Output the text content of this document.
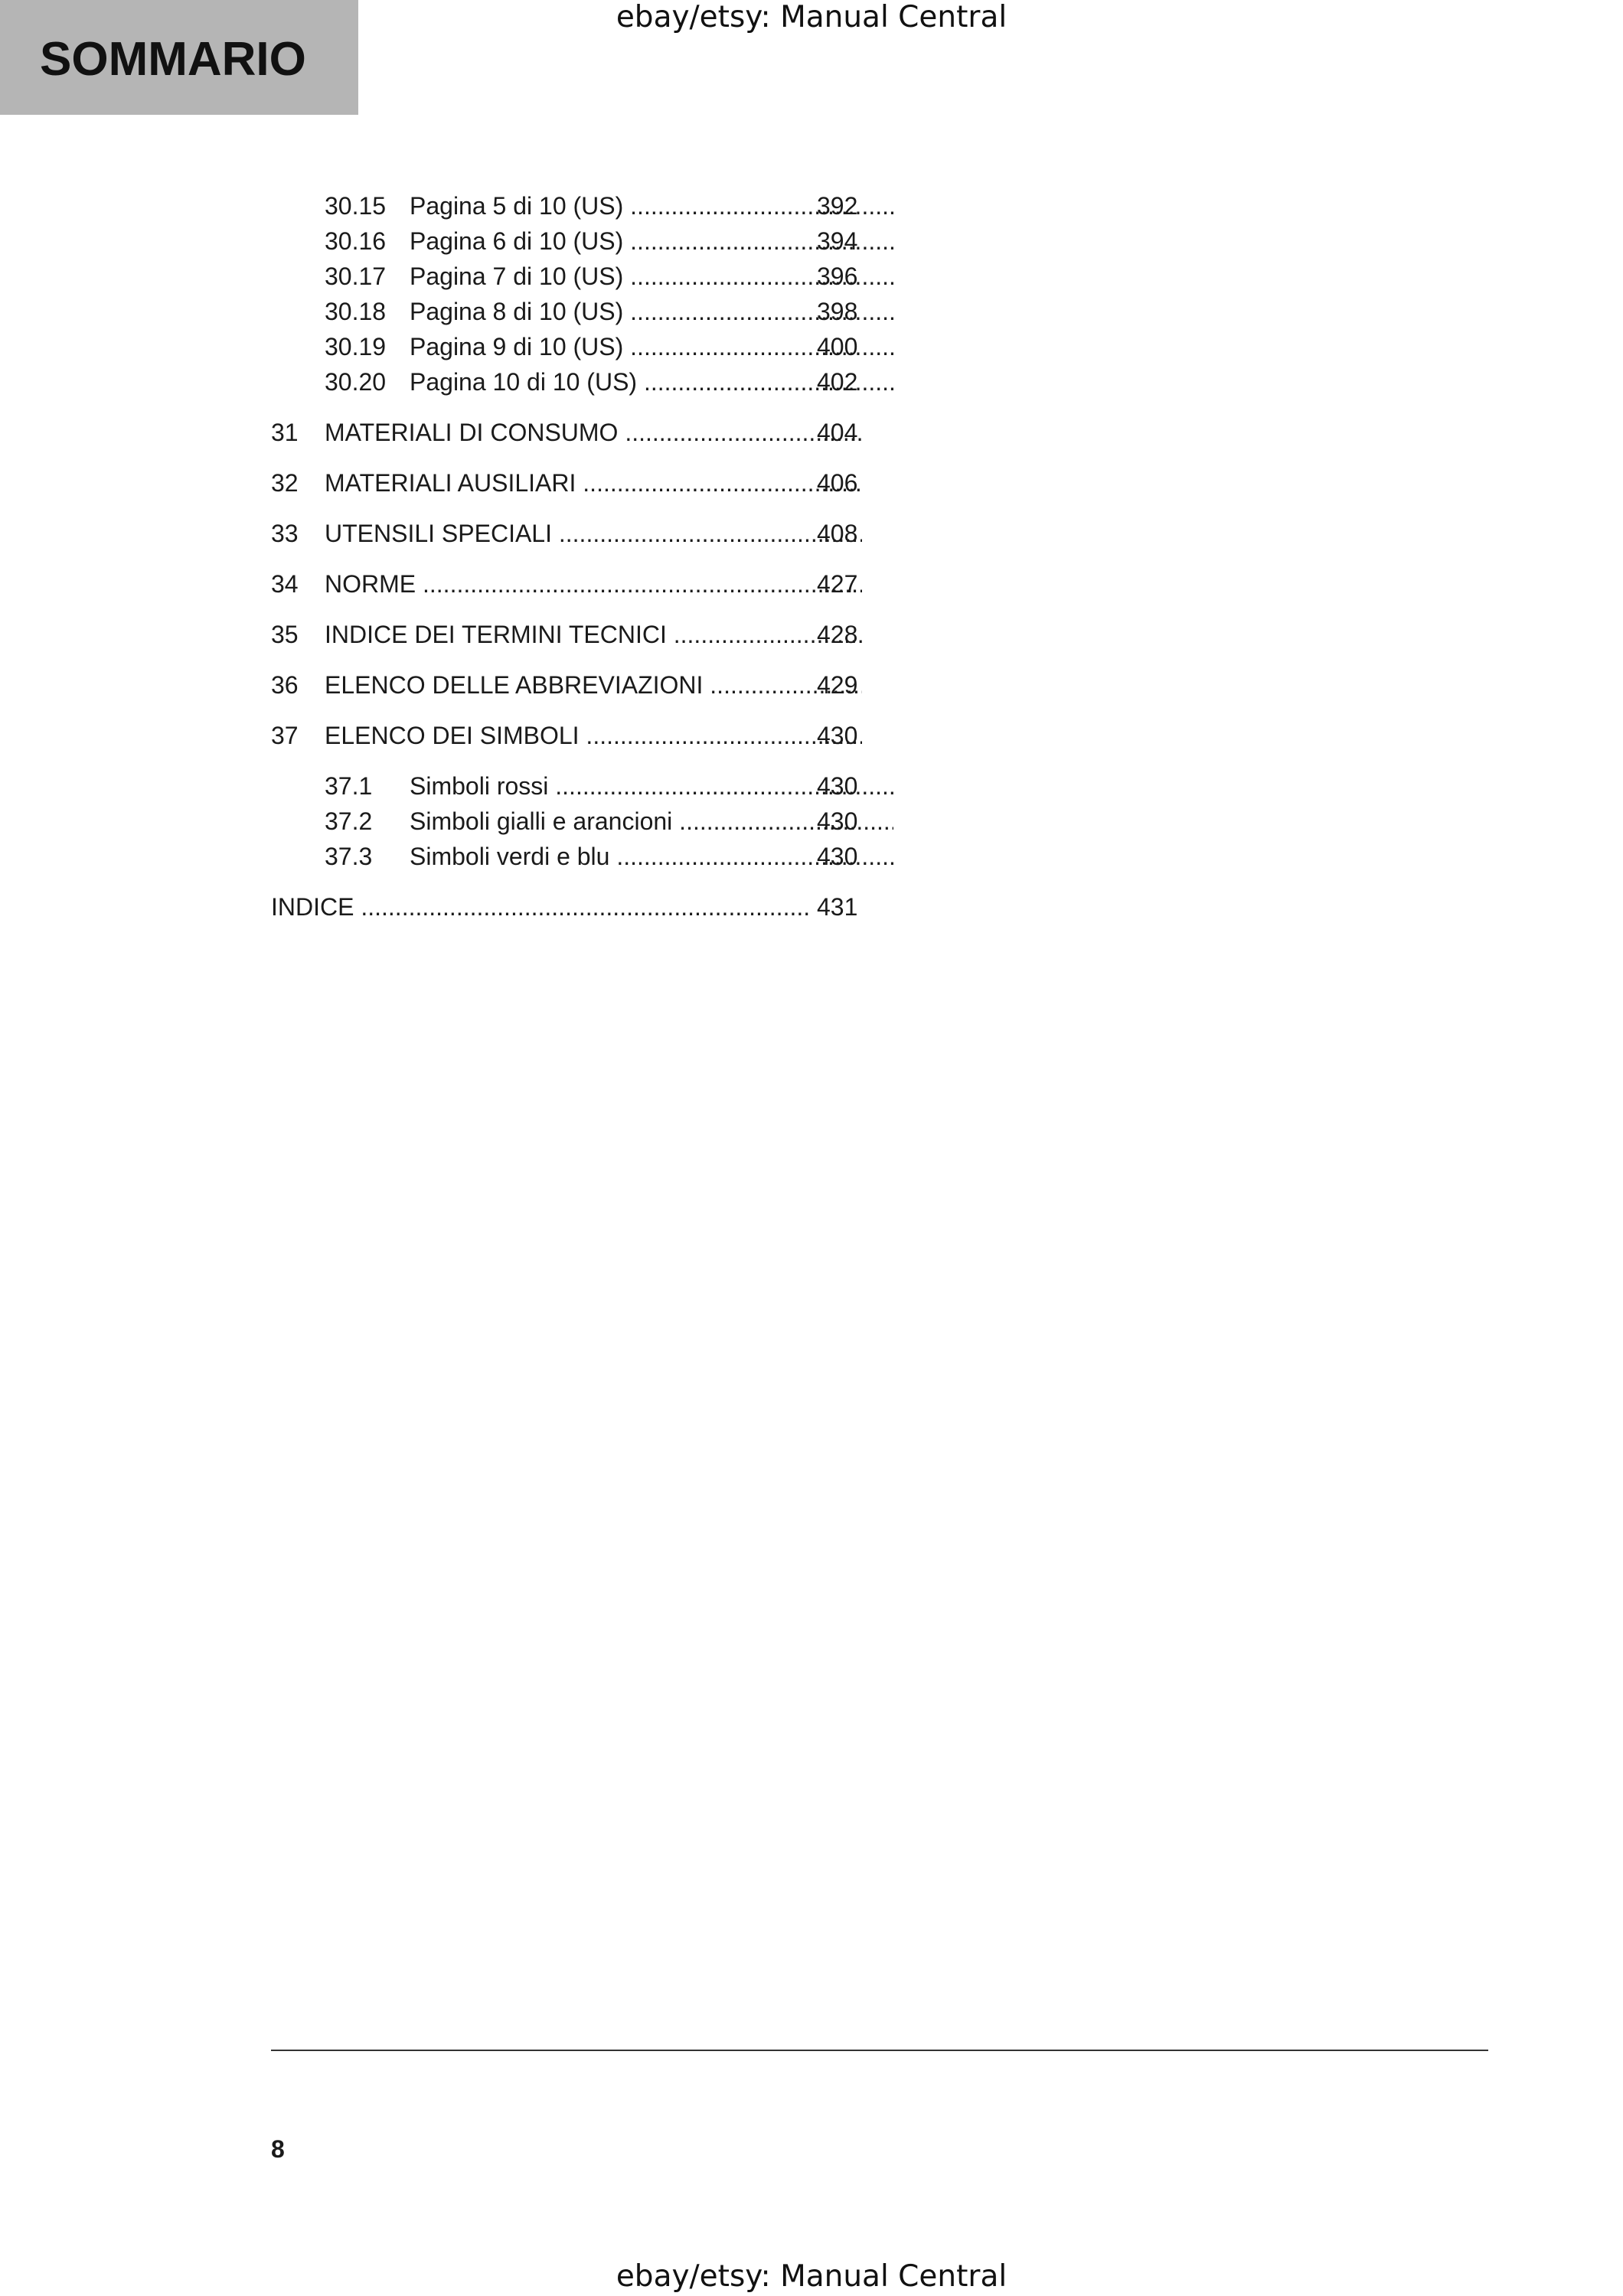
SOMMARIO
ebay/etsy: Manual Central
30.15 Pagina 5 di 10 (US) .....	392
30.16 Pagina 6 di 10 (US) .....	394
30.17 Pagina 7 di 10 (US) .....	396
30.18 Pagina 8 di 10 (US) .....	398
30.19 Pagina 9 di 10 (US) .....	400
30.20 Pagina 10 di 10 (US) .....	402
31 MATERIALI DI CONSUMO .....	404
32 MATERIALI AUSILIARI .....	406
33 UTENSILI SPECIALI .....	408
34 NORME .....	427
35 INDICE DEI TERMINI TECNICI .....	428
36 ELENCO DELLE ABBREVIAZIONI .....	429
37 ELENCO DEI SIMBOLI .....	430
37.1 Simboli rossi .....	430
37.2 Simboli gialli e arancioni .....	430
37.3 Simboli verdi e blu .....	430
INDICE .....	431
8
ebay/etsy: Manual Central
